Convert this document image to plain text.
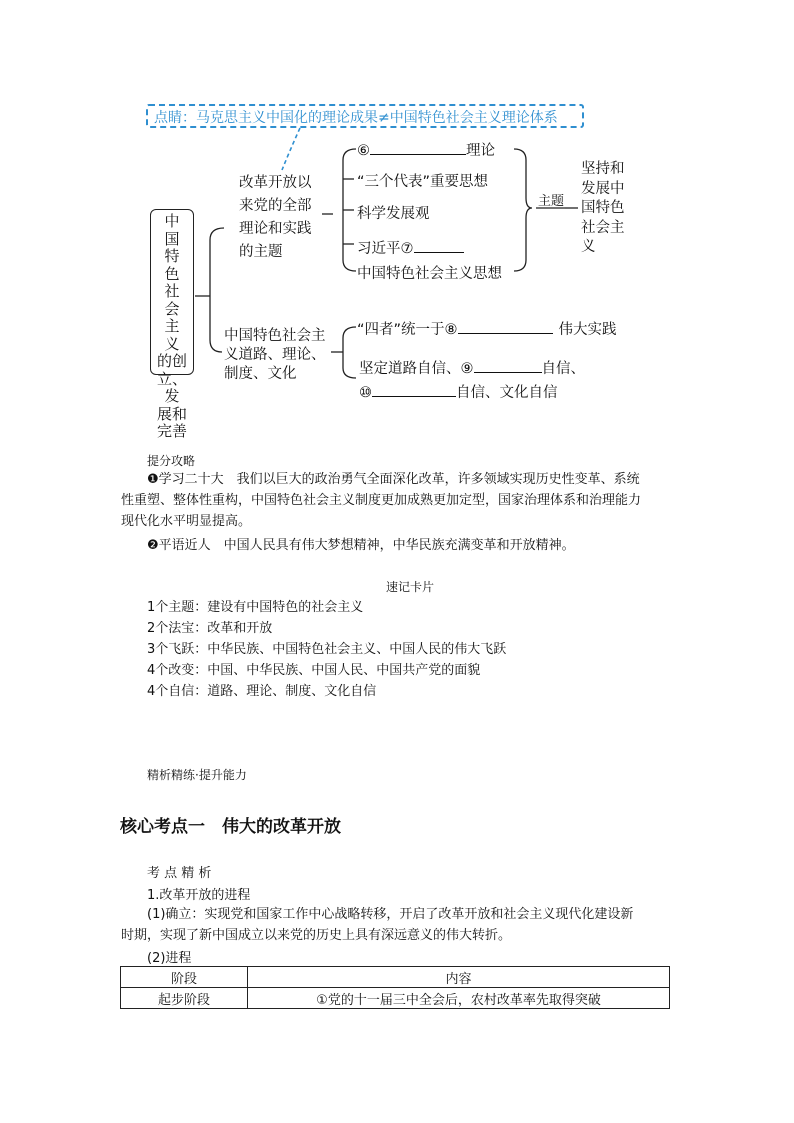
点睛：马克思主义中国化的理论成果≠中国特色社会主义理论体系
中
国
特
色
社
会
主
义
的创
立、发
展和
完善
改革开放以
来党的全部
理论和实践
的主题
⑥	理论
“三个代表”重要思想
科学发展观
习近平⑦
中国特色社会主义思想
主题
坚持和
发展中
国特色
社会主
义
中国特色社会主
义道路、理论、
制度、文化
“四者”统一于⑧	伟大实践
坚定道路自信、⑨	自信、
⑩	自信、文化自信
提分攻略
❶学习二十大　我们以巨大的政治勇气全面深化改革，许多领域实现历史性变革、系统
性重塑、整体性重构，中国特色社会主义制度更加成熟更加定型，国家治理体系和治理能力
现代化水平明显提高。
❷平语近人　中国人民具有伟大梦想精神，中华民族充满变革和开放精神。
速记卡片
1个主题：建设有中国特色的社会主义
2个法宝：改革和开放
3个飞跃：中华民族、中国特色社会主义、中国人民的伟大飞跃
4个改变：中国、中华民族、中国人民、中国共产党的面貌
4个自信：道路、理论、制度、文化自信
精析精练·提升能力
核心考点一　伟大的改革开放
考 点 精 析
1.改革开放的进程
(1)确立：实现党和国家工作中心战略转移，开启了改革开放和社会主义现代化建设新
时期，实现了新中国成立以来党的历史上具有深远意义的伟大转折。
(2)进程
阶段	内容
起步阶段	①党的十一届三中全会后，农村改革率先取得突破
